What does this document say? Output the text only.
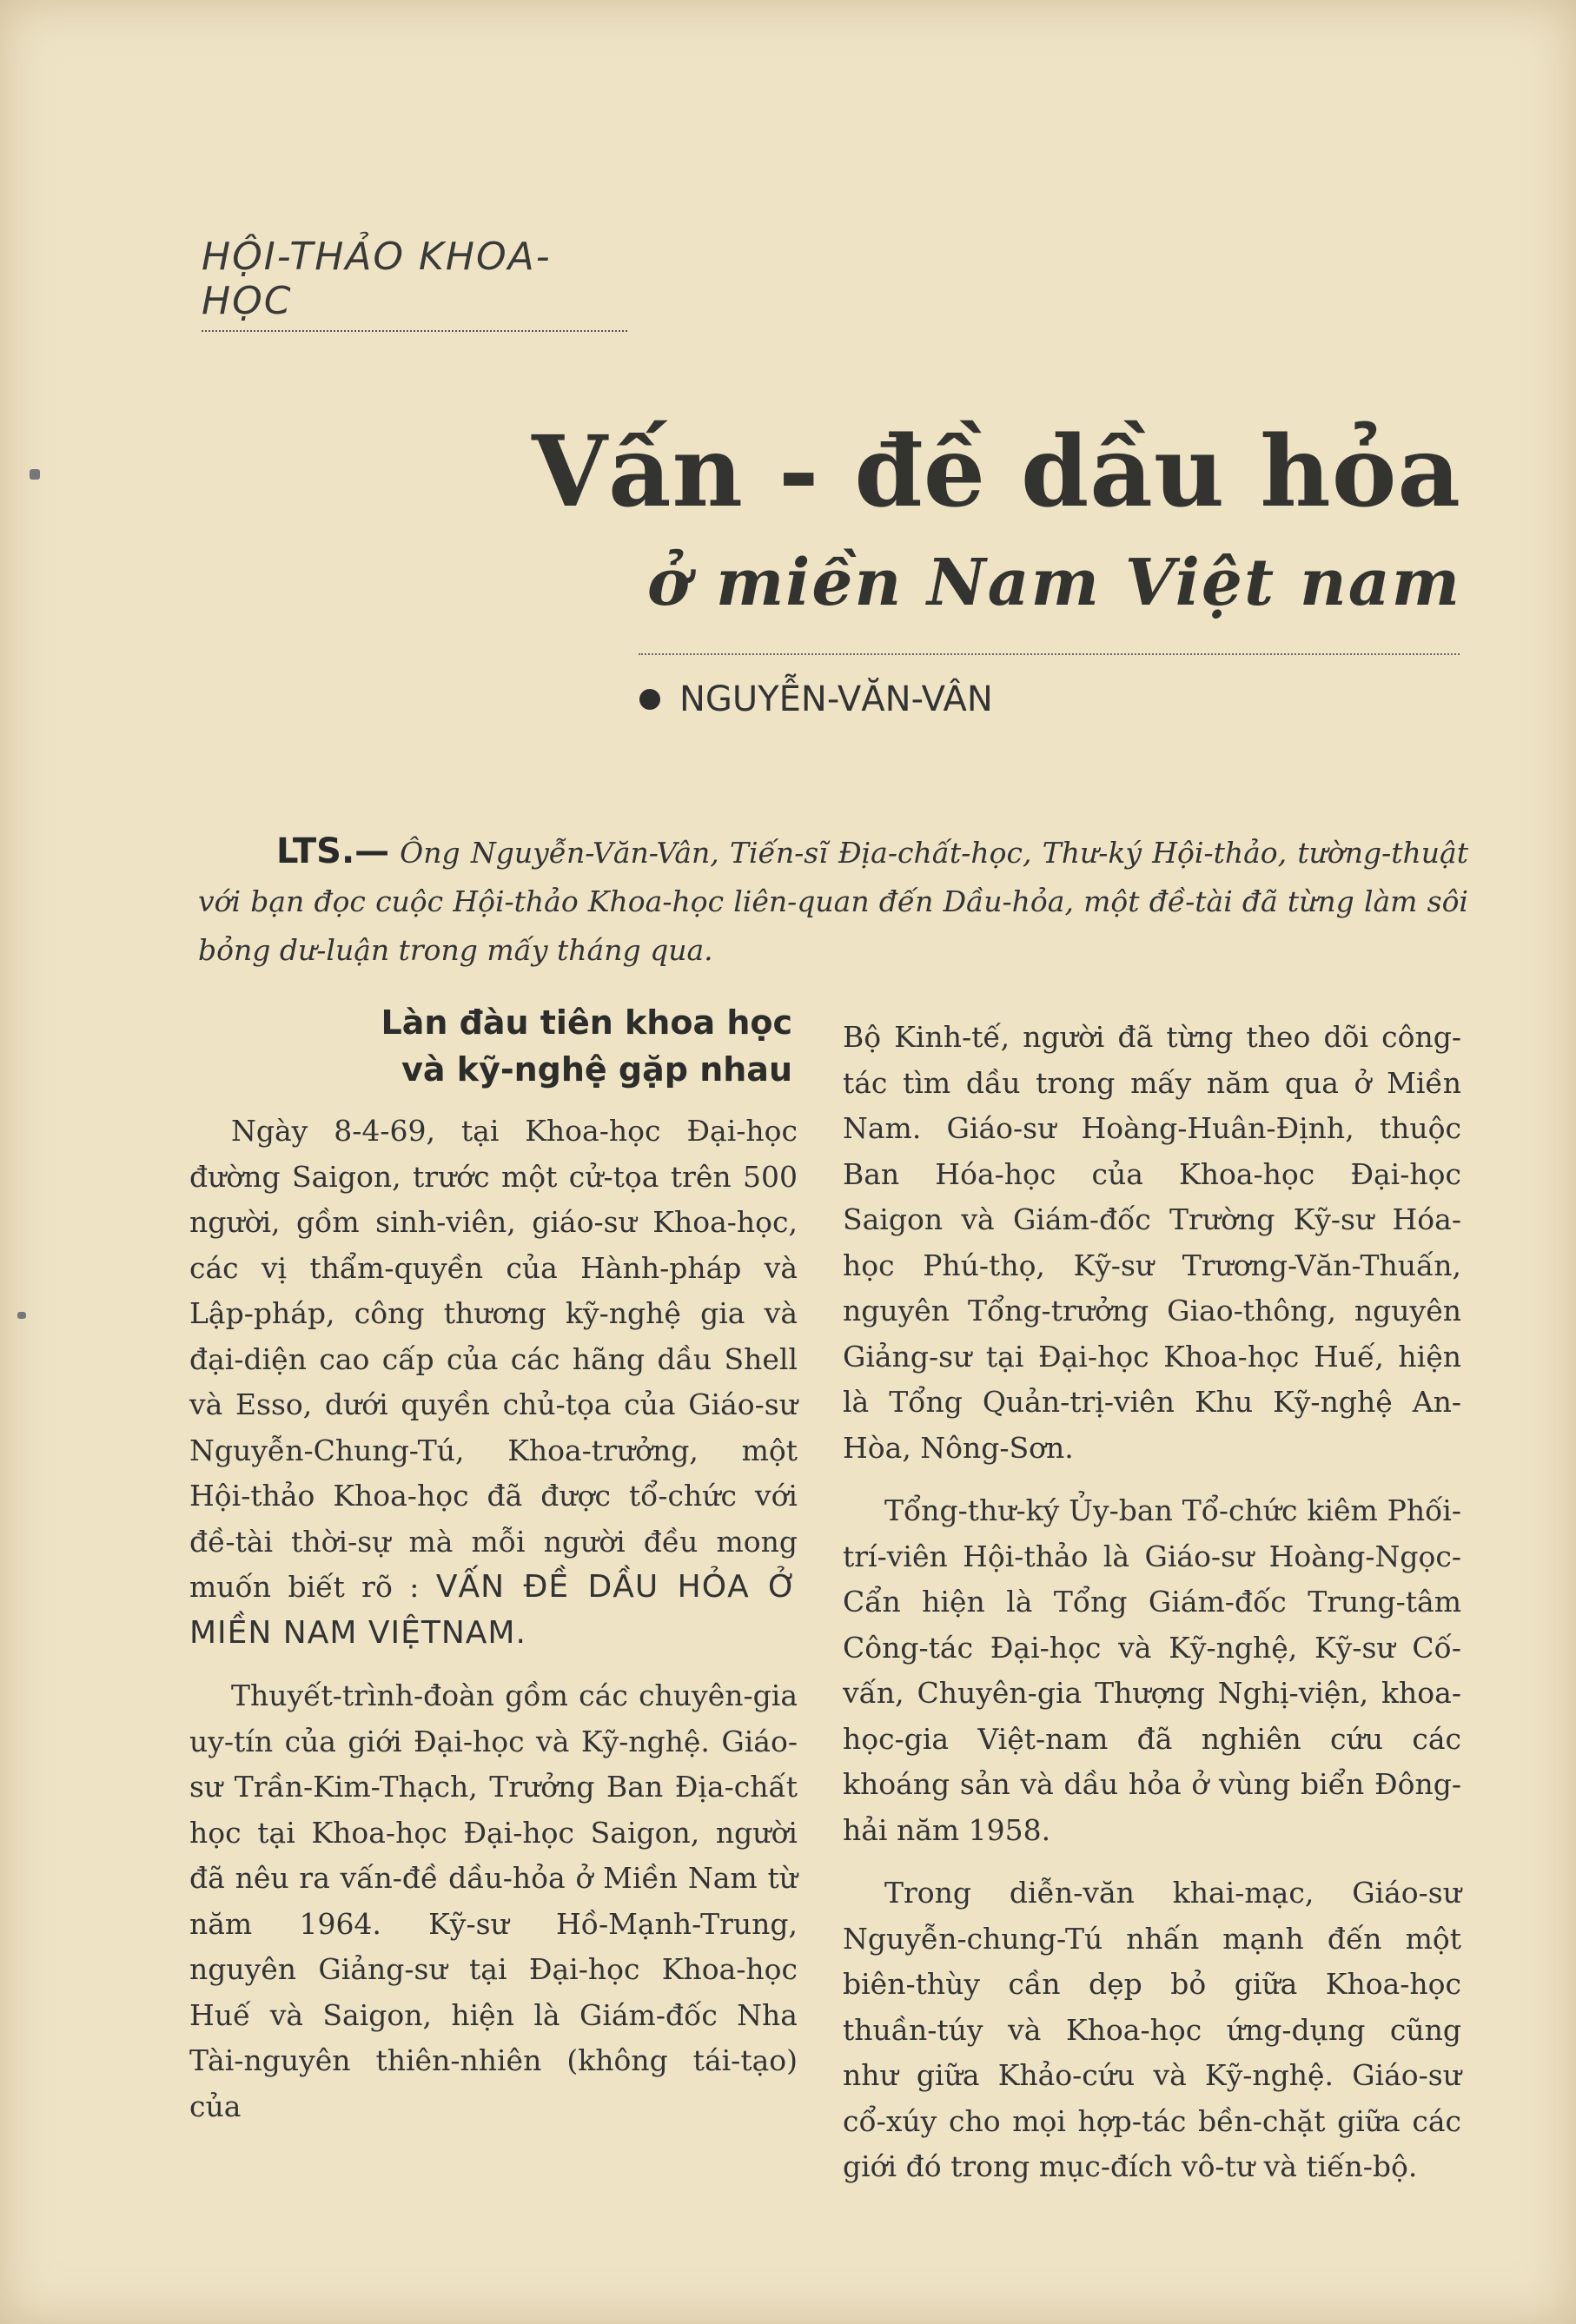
HỘI-THẢO KHOA-HỌC
Vấn - đề dầu hỏa
ở miền Nam Việt nam
NGUYỄN-VĂN-VÂN
LTS.— Ông Nguyễn-Văn-Vân, Tiến-sĩ Địa-chất-học, Thư-ký Hội-thảo, tường-thuật với bạn đọc cuộc Hội-thảo Khoa-học liên-quan đến Dầu-hỏa, một đề-tài đã từng làm sôi bỏng dư-luận trong mấy tháng qua.
Làn đàu tiên khoa học
và kỹ-nghệ gặp nhau

Ngày 8-4-69, tại Khoa-học Đại-học đường Saigon, trước một cử-tọa trên 500 người, gồm sinh-viên, giáo-sư Khoa-học, các vị thẩm-quyền của Hành-pháp và Lập-pháp, công thương kỹ-nghệ gia và đại-diện cao cấp của các hãng dầu Shell và Esso, dưới quyền chủ-tọa của Giáo-sư Nguyễn-Chung-Tú, Khoa-trưởng, một Hội-thảo Khoa-học đã được tổ-chức với đề-tài thời-sự mà mỗi người đều mong muốn biết rõ : VẤN ĐỀ DẦU HỎA Ở MIỀN NAM VIỆTNAM.

Thuyết-trình-đoàn gồm các chuyên-gia uy-tín của giới Đại-học và Kỹ-nghệ. Giáo-sư Trần-Kim-Thạch, Trưởng Ban Địa-chất học tại Khoa-học Đại-học Saigon, người đã nêu ra vấn-đề dầu-hỏa ở Miền Nam từ năm 1964. Kỹ-sư Hồ-Mạnh-Trung, nguyên Giảng-sư tại Đại-học Khoa-học Huế và Saigon, hiện là Giám-đốc Nha Tài-nguyên thiên-nhiên (không tái-tạo) của

Bộ Kinh-tế, người đã từng theo dõi công-tác tìm dầu trong mấy năm qua ở Miền Nam. Giáo-sư Hoàng-Huân-Định, thuộc Ban Hóa-học của Khoa-học Đại-học Saigon và Giám-đốc Trường Kỹ-sư Hóa-học Phú-thọ, Kỹ-sư Trương-Văn-Thuấn, nguyên Tổng-trưởng Giao-thông, nguyên Giảng-sư tại Đại-học Khoa-học Huế, hiện là Tổng Quản-trị-viên Khu Kỹ-nghệ An-Hòa, Nông-Sơn.

Tổng-thư-ký Ủy-ban Tổ-chức kiêm Phối-trí-viên Hội-thảo là Giáo-sư Hoàng-Ngọc-Cẩn hiện là Tổng Giám-đốc Trung-tâm Công-tác Đại-học và Kỹ-nghệ, Kỹ-sư Cố-vấn, Chuyên-gia Thượng Nghị-viện, khoa-học-gia Việt-nam đã nghiên cứu các khoáng sản và dầu hỏa ở vùng biển Đông-hải năm 1958.

Trong diễn-văn khai-mạc, Giáo-sư Nguyễn-chung-Tú nhấn mạnh đến một biên-thùy cần dẹp bỏ giữa Khoa-học thuần-túy và Khoa-học ứng-dụng cũng như giữa Khảo-cứu và Kỹ-nghệ. Giáo-sư cổ-xúy cho mọi hợp-tác bền-chặt giữa các giới đó trong mục-đích vô-tư và tiến-bộ.
